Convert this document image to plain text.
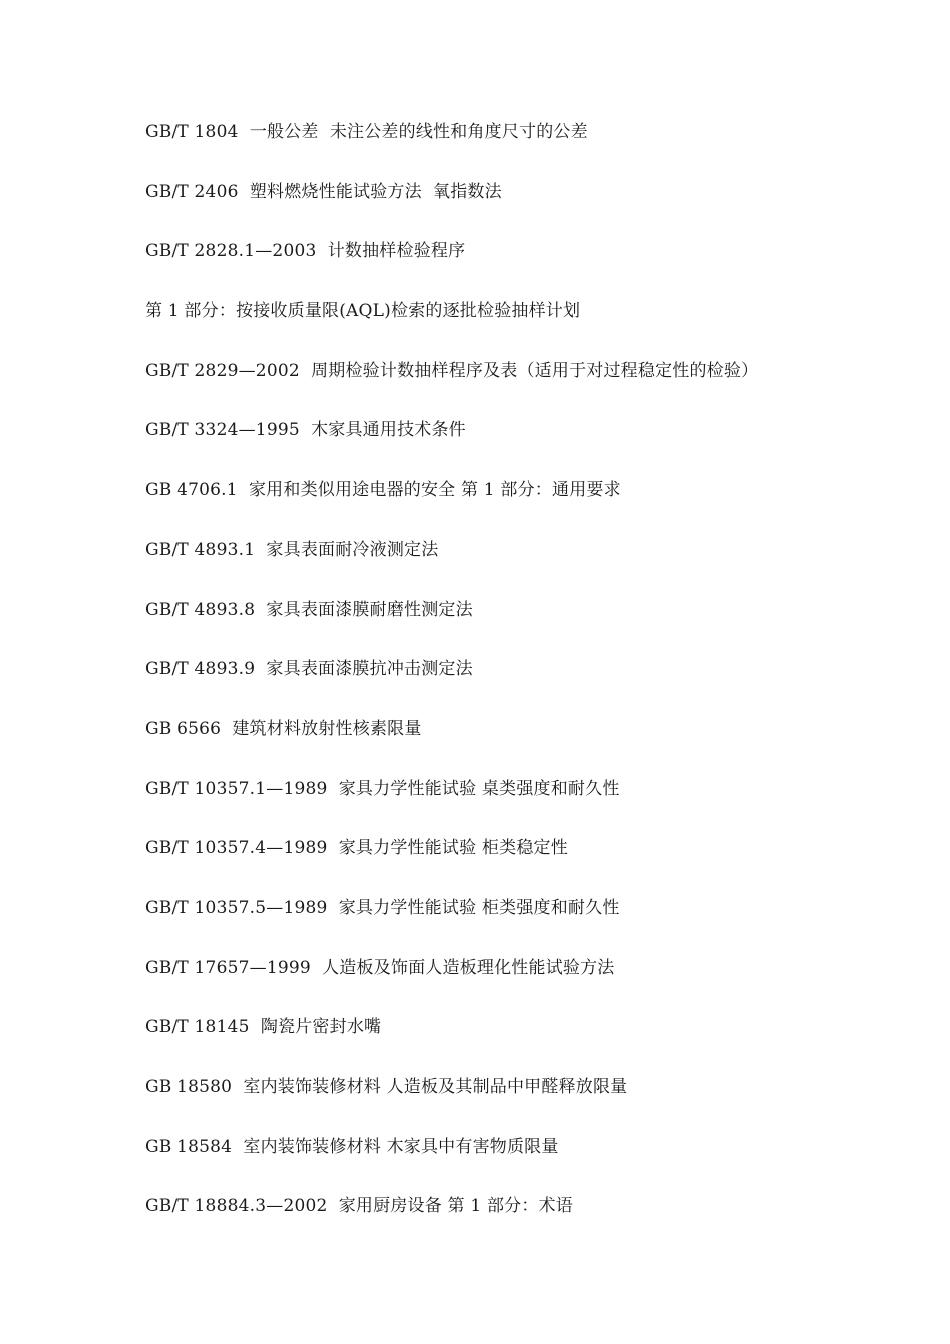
GB/T 1804  一般公差  未注公差的线性和角度尺寸的公差
GB/T 2406  塑料燃烧性能试验方法  氧指数法
GB/T 2828.1—2003  计数抽样检验程序
第 1 部分：按接收质量限(AQL)检索的逐批检验抽样计划
GB/T 2829—2002  周期检验计数抽样程序及表（适用于对过程稳定性的检验）
GB/T 3324—1995  木家具通用技术条件
GB 4706.1  家用和类似用途电器的安全 第 1 部分：通用要求
GB/T 4893.1  家具表面耐冷液测定法
GB/T 4893.8  家具表面漆膜耐磨性测定法
GB/T 4893.9  家具表面漆膜抗冲击测定法
GB 6566  建筑材料放射性核素限量
GB/T 10357.1—1989  家具力学性能试验 桌类强度和耐久性
GB/T 10357.4—1989  家具力学性能试验 柜类稳定性
GB/T 10357.5—1989  家具力学性能试验 柜类强度和耐久性
GB/T 17657—1999  人造板及饰面人造板理化性能试验方法
GB/T 18145  陶瓷片密封水嘴
GB 18580  室内装饰装修材料 人造板及其制品中甲醛释放限量
GB 18584  室内装饰装修材料 木家具中有害物质限量
GB/T 18884.3—2002  家用厨房设备 第 1 部分：术语
